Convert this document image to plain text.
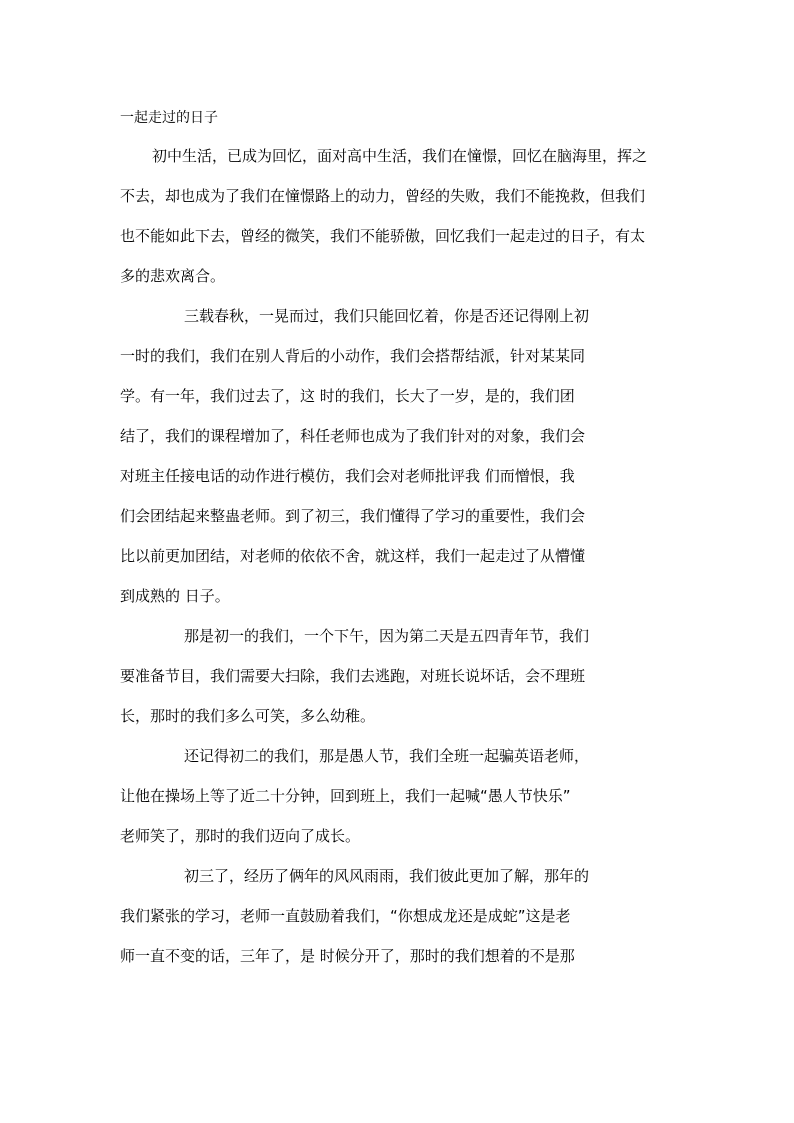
一起走过的日子
初中生活，已成为回忆，面对高中生活，我们在憧憬，回忆在脑海里，挥之
不去，却也成为了我们在憧憬路上的动力，曾经的失败，我们不能挽救，但我们
也不能如此下去，曾经的微笑，我们不能骄傲，回忆我们一起走过的日子，有太
多的悲欢离合。
三载春秋，一晃而过，我们只能回忆着，你是否还记得刚上初
一时的我们，我们在别人背后的小动作，我们会搭帮结派，针对某某同
学。有一年，我们过去了，这 时的我们，长大了一岁，是的，我们团
结了，我们的课程增加了，科任老师也成为了我们针对的对象，我们会
对班主任接电话的动作进行模仿，我们会对老师批评我 们而憎恨，我
们会团结起来整蛊老师。到了初三，我们懂得了学习的重要性，我们会
比以前更加团结，对老师的依依不舍，就这样，我们一起走过了从懵懂
到成熟的 日子。
那是初一的我们，一个下午，因为第二天是五四青年节，我们
要准备节目，我们需要大扫除，我们去逃跑，对班长说坏话，会不理班
长，那时的我们多么可笑，多么幼稚。
还记得初二的我们，那是愚人节，我们全班一起骗英语老师，
让他在操场上等了近二十分钟，回到班上，我们一起喊“愚人节快乐”
老师笑了，那时的我们迈向了成长。
初三了，经历了俩年的风风雨雨，我们彼此更加了解，那年的
我们紧张的学习，老师一直鼓励着我们，“你想成龙还是成蛇”这是老
师一直不变的话，三年了，是 时候分开了，那时的我们想着的不是那
